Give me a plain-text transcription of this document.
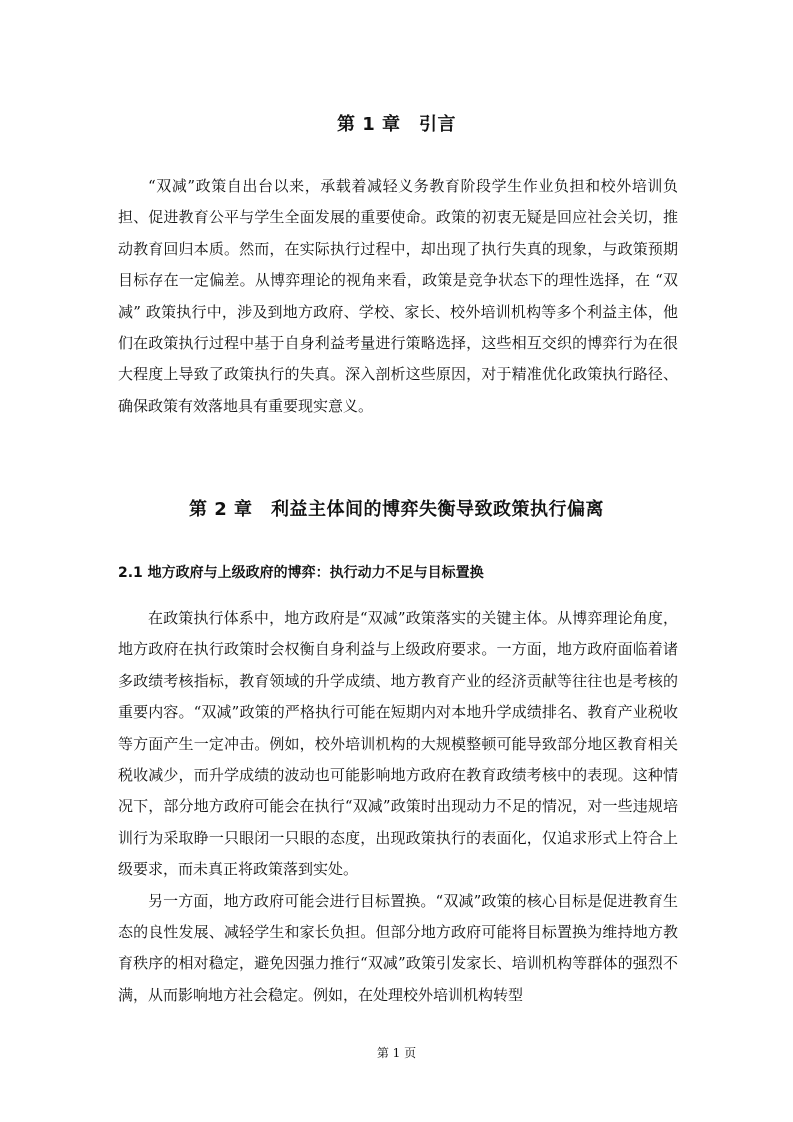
第 1 章　引言

“双减”政策自出台以来，承载着减轻义务教育阶段学生作业负担和校外培训负担、促进教育公平与学生全面发展的重要使命。政策的初衷无疑是回应社会关切，推动教育回归本质。然而，在实际执行过程中，却出现了执行失真的现象，与政策预期目标存在一定偏差。从博弈理论的视角来看，政策是竞争状态下的理性选择，在 “双减” 政策执行中，涉及到地方政府、学校、家长、校外培训机构等多个利益主体，他们在政策执行过程中基于自身利益考量进行策略选择，这些相互交织的博弈行为在很大程度上导致了政策执行的失真。深入剖析这些原因，对于精准优化政策执行路径、确保政策有效落地具有重要现实意义。

第 2 章　利益主体间的博弈失衡导致政策执行偏离
2.1 地方政府与上级政府的博弈：执行动力不足与目标置换

在政策执行体系中，地方政府是“双减”政策落实的关键主体。从博弈理论角度，地方政府在执行政策时会权衡自身利益与上级政府要求。一方面，地方政府面临着诸多政绩考核指标，教育领域的升学成绩、地方教育产业的经济贡献等往往也是考核的重要内容。“双减”政策的严格执行可能在短期内对本地升学成绩排名、教育产业税收等方面产生一定冲击。例如，校外培训机构的大规模整顿可能导致部分地区教育相关税收减少，而升学成绩的波动也可能影响地方政府在教育政绩考核中的表现。这种情况下，部分地方政府可能会在执行“双减”政策时出现动力不足的情况，对一些违规培训行为采取睁一只眼闭一只眼的态度，出现政策执行的表面化，仅追求形式上符合上级要求，而未真正将政策落到实处。

另一方面，地方政府可能会进行目标置换。“双减”政策的核心目标是促进教育生态的良性发展、减轻学生和家长负担。但部分地方政府可能将目标置换为维持地方教育秩序的相对稳定，避免因强力推行“双减”政策引发家长、培训机构等群体的强烈不满，从而影响地方社会稳定。例如，在处理校外培训机构转型

第 1 页
